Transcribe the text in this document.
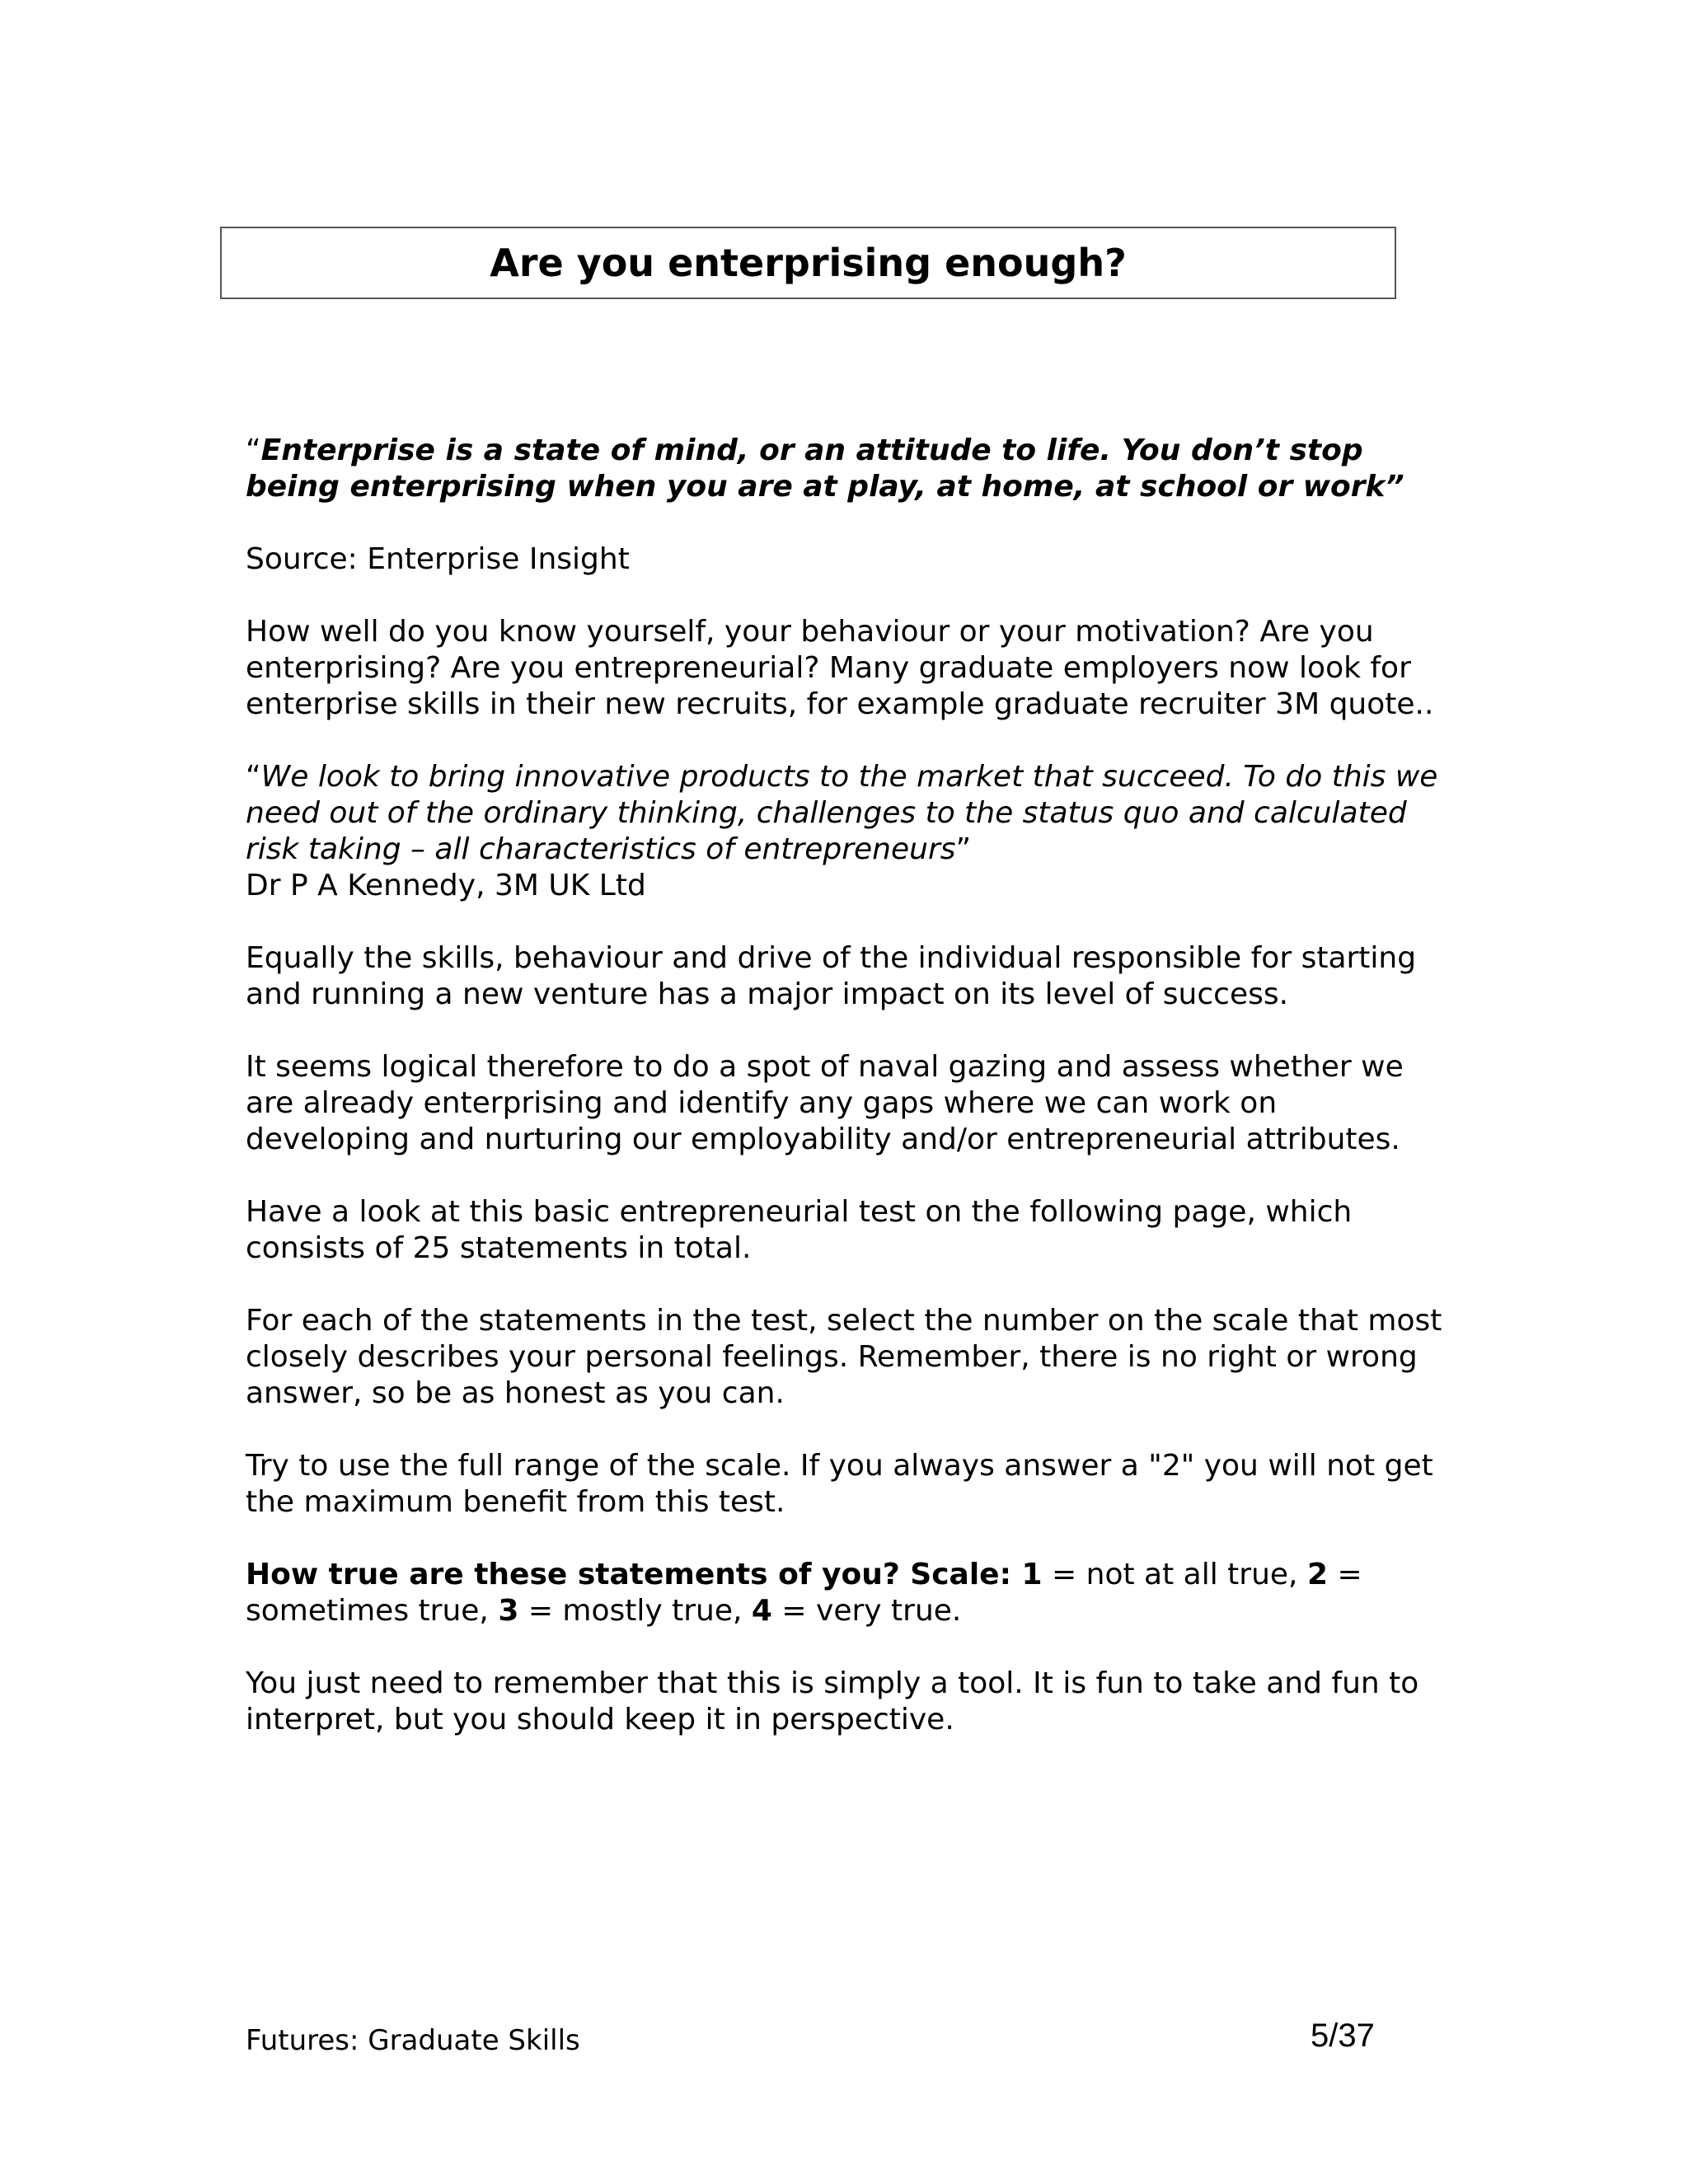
Are you enterprising enough?

“Enterprise is a state of mind, or an attitude to life. You don’t stop being enterprising when you are at play, at home, at school or work”

Source: Enterprise Insight

How well do you know yourself, your behaviour or your motivation? Are you enterprising? Are you entrepreneurial? Many graduate employers now look for enterprise skills in their new recruits, for example graduate recruiter 3M quote..

“We look to bring innovative products to the market that succeed. To do this we need out of the ordinary thinking, challenges to the status quo and calculated risk taking – all characteristics of entrepreneurs”
Dr P A Kennedy, 3M UK Ltd

Equally the skills, behaviour and drive of the individual responsible for starting and running a new venture has a major impact on its level of success.

It seems logical therefore to do a spot of naval gazing and assess whether we are already enterprising and identify any gaps where we can work on developing and nurturing our employability and/or entrepreneurial attributes.

Have a look at this basic entrepreneurial test on the following page, which consists of 25 statements in total.

For each of the statements in the test, select the number on the scale that most closely describes your personal feelings. Remember, there is no right or wrong answer, so be as honest as you can.

Try to use the full range of the scale. If you always answer a "2" you will not get the maximum benefit from this test.

How true are these statements of you? Scale: 1 = not at all true, 2 = sometimes true, 3 = mostly true, 4 = very true.

You just need to remember that this is simply a tool. It is fun to take and fun to interpret, but you should keep it in perspective.

Futures: Graduate Skills	5/37
